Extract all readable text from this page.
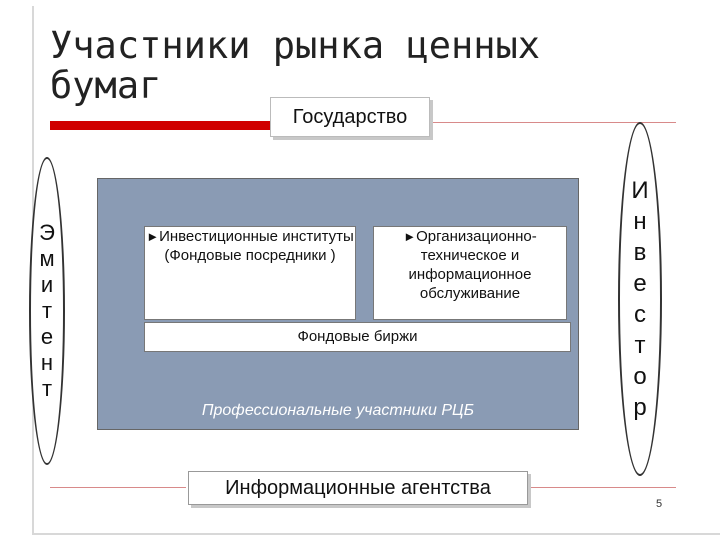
Участники рынка ценных бумаг
Государство
Э
м
и
т
е
н
т
И
н
в
е
с
т
о
р
►Инвестиционные институты (Фондовые посредники )
►Организационно-техническое и информационное обслуживание
Фондовые биржи
Профессиональные участники РЦБ
Информационные агентства
5
